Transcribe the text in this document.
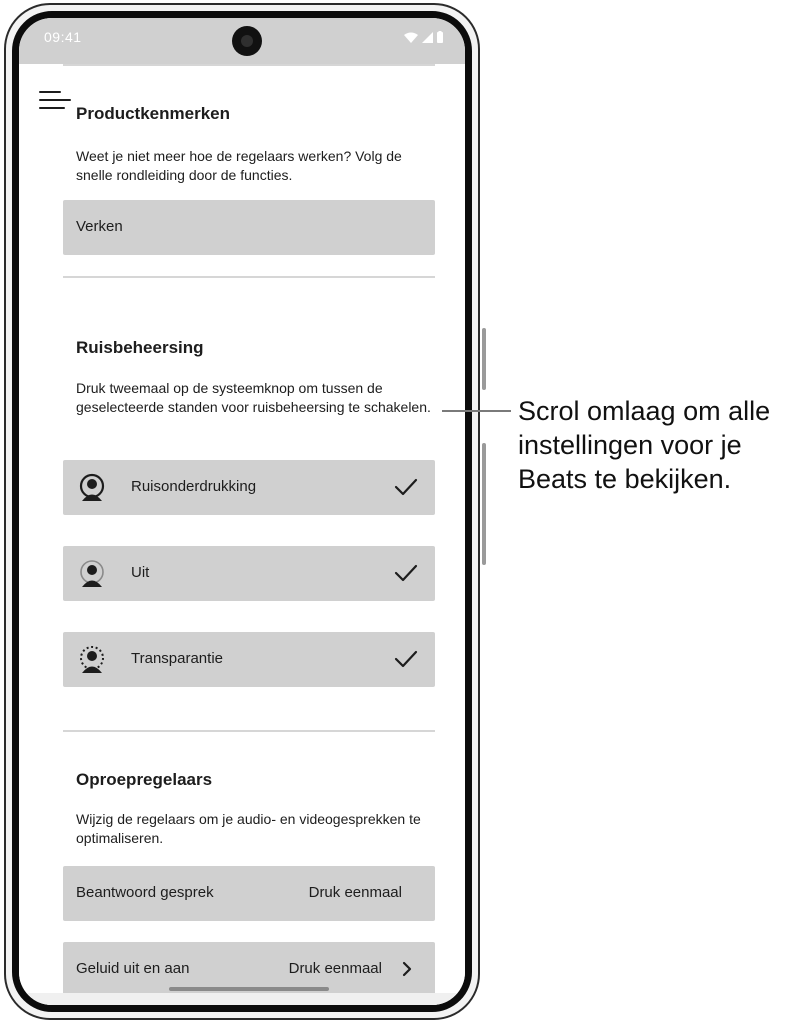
09:41
Productkenmerken
Weet je niet meer hoe de regelaars werken? Volg de snelle rondleiding door de functies.
Verken
Ruisbeheersing
Druk tweemaal op de systeemknop om tussen de geselecteerde standen voor ruisbeheersing te schakelen.
Ruisonderdrukking
Uit
Transparantie
Oproepregelaars
Wijzig de regelaars om je audio- en videogesprekken te optimaliseren.
Beantwoord gesprek	Druk eenmaal
Geluid uit en aan	Druk eenmaal
Scrol omlaag om alle instellingen voor je Beats te bekijken.
